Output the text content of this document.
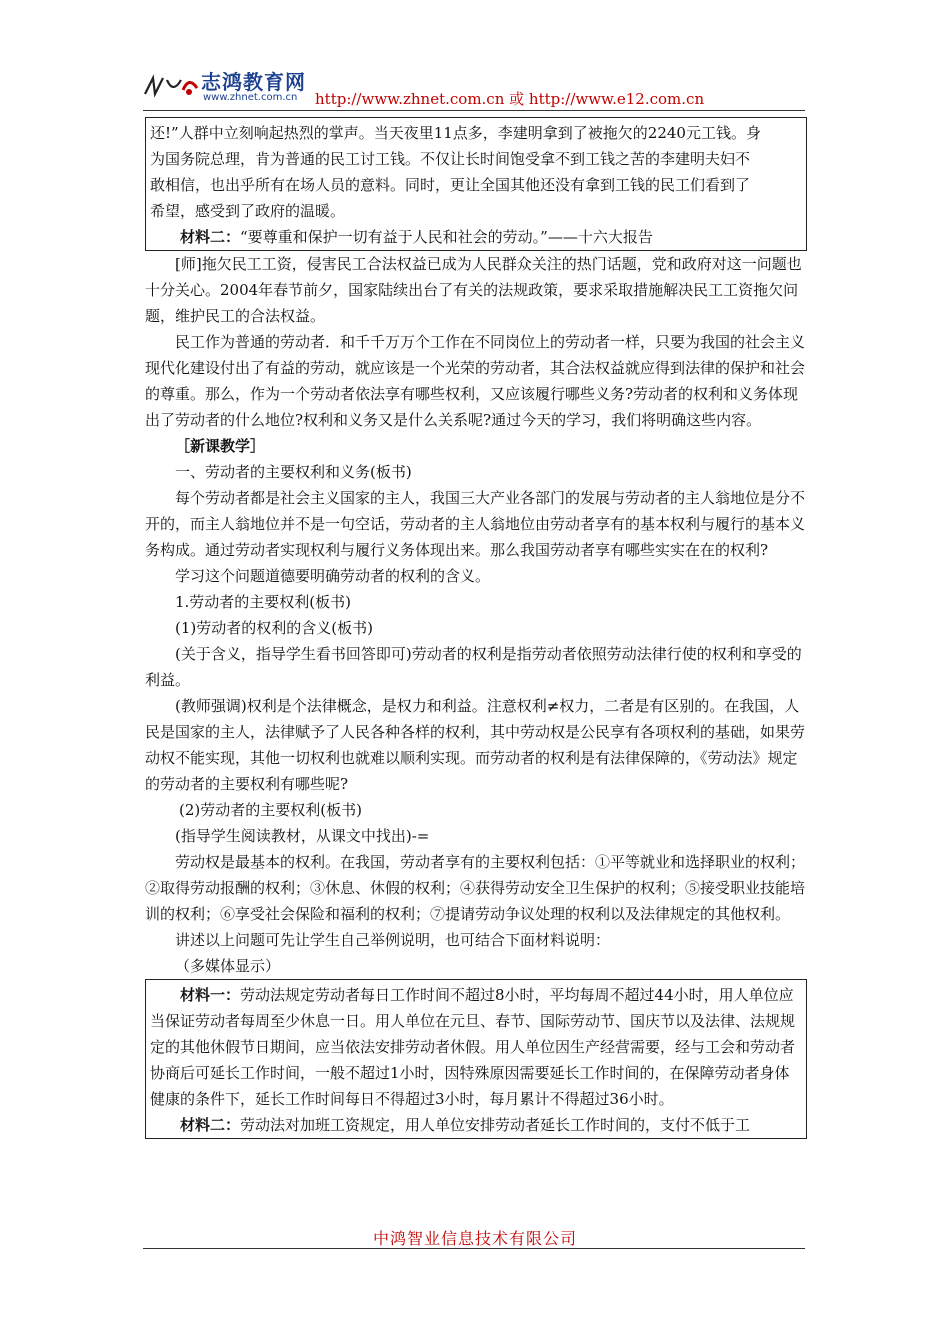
志鸿教育网
www.zhnet.com.cn http://www.zhnet.com.cn 或 http://www.e12.com.cn

还!”人群中立刻响起热烈的掌声。当天夜里11点多，李建明拿到了被拖欠的2240元工钱。身

为国务院总理，肯为普通的民工讨工钱。不仅让长时间饱受拿不到工钱之苦的李建明夫妇不

敢相信，也出乎所有在场人员的意料。同时，更让全国其他还没有拿到工钱的民工们看到了

希望，感受到了政府的温暖。

材料二：“要尊重和保护一切有益于人民和社会的劳动。”——十六大报告

[师]拖欠民工工资，侵害民工合法权益已成为人民群众关注的热门话题，党和政府对这一问题也十分关心。2004年春节前夕，国家陆续出台了有关的法规政策，要求采取措施解决民工工资拖欠问题，维护民工的合法权益。

民工作为普通的劳动者．和千千万万个工作在不同岗位上的劳动者一样，只要为我国的社会主义现代化建设付出了有益的劳动，就应该是一个光荣的劳动者，其合法权益就应得到法律的保护和社会的尊重。那么，作为一个劳动者依法享有哪些权利，又应该履行哪些义务?劳动者的权利和义务体现出了劳动者的什么地位?权利和义务又是什么关系呢?通过今天的学习，我们将明确这些内容。

［新课教学］

一、劳动者的主要权利和义务(板书)

每个劳动者都是社会主义国家的主人，我国三大产业各部门的发展与劳动者的主人翁地位是分不开的，而主人翁地位并不是一句空话，劳动者的主人翁地位由劳动者享有的基本权利与履行的基本义务构成。通过劳动者实现权利与履行义务体现出来。那么我国劳动者享有哪些实实在在的权利?

学习这个问题道德要明确劳动者的权利的含义。

1.劳动者的主要权利(板书)

(1)劳动者的权利的含义(板书)

(关于含义，指导学生看书回答即可)劳动者的权利是指劳动者依照劳动法律行使的权利和享受的利益。

(教师强调)权利是个法律概念，是权力和利益。注意权利≠权力，二者是有区别的。在我国，人民是国家的主人，法律赋予了人民各种各样的权利，其中劳动权是公民享有各项权利的基础，如果劳动权不能实现，其他一切权利也就难以顺利实现。而劳动者的权利是有法律保障的，《劳动法》规定的劳动者的主要权利有哪些呢?

(2)劳动者的主要权利(板书)

(指导学生阅读教材，从课文中找出)-=

劳动权是最基本的权利。在我国，劳动者享有的主要权利包括：①平等就业和选择职业的权利；②取得劳动报酬的权利；③休息、休假的权利；④获得劳动安全卫生保护的权利；⑤接受职业技能培训的权利；⑥享受社会保险和福利的权利；⑦提请劳动争议处理的权利以及法律规定的其他权利。

讲述以上问题可先让学生自己举例说明，也可结合下面材料说明：

（多媒体显示）

材料一：劳动法规定劳动者每日工作时间不超过8小时，平均每周不超过44小时，用人单位应当保证劳动者每周至少休息一日。用人单位在元旦、春节、国际劳动节、国庆节以及法律、法规规定的其他休假节日期间，应当依法安排劳动者休假。用人单位因生产经营需要，经与工会和劳动者协商后可延长工作时间，一般不超过1小时，因特殊原因需要延长工作时间的，在保障劳动者身体健康的条件下，延长工作时间每日不得超过3小时，每月累计不得超过36小时。

材料二：劳动法对加班工资规定，用人单位安排劳动者延长工作时间的，支付不低于工

中鸿智业信息技术有限公司
